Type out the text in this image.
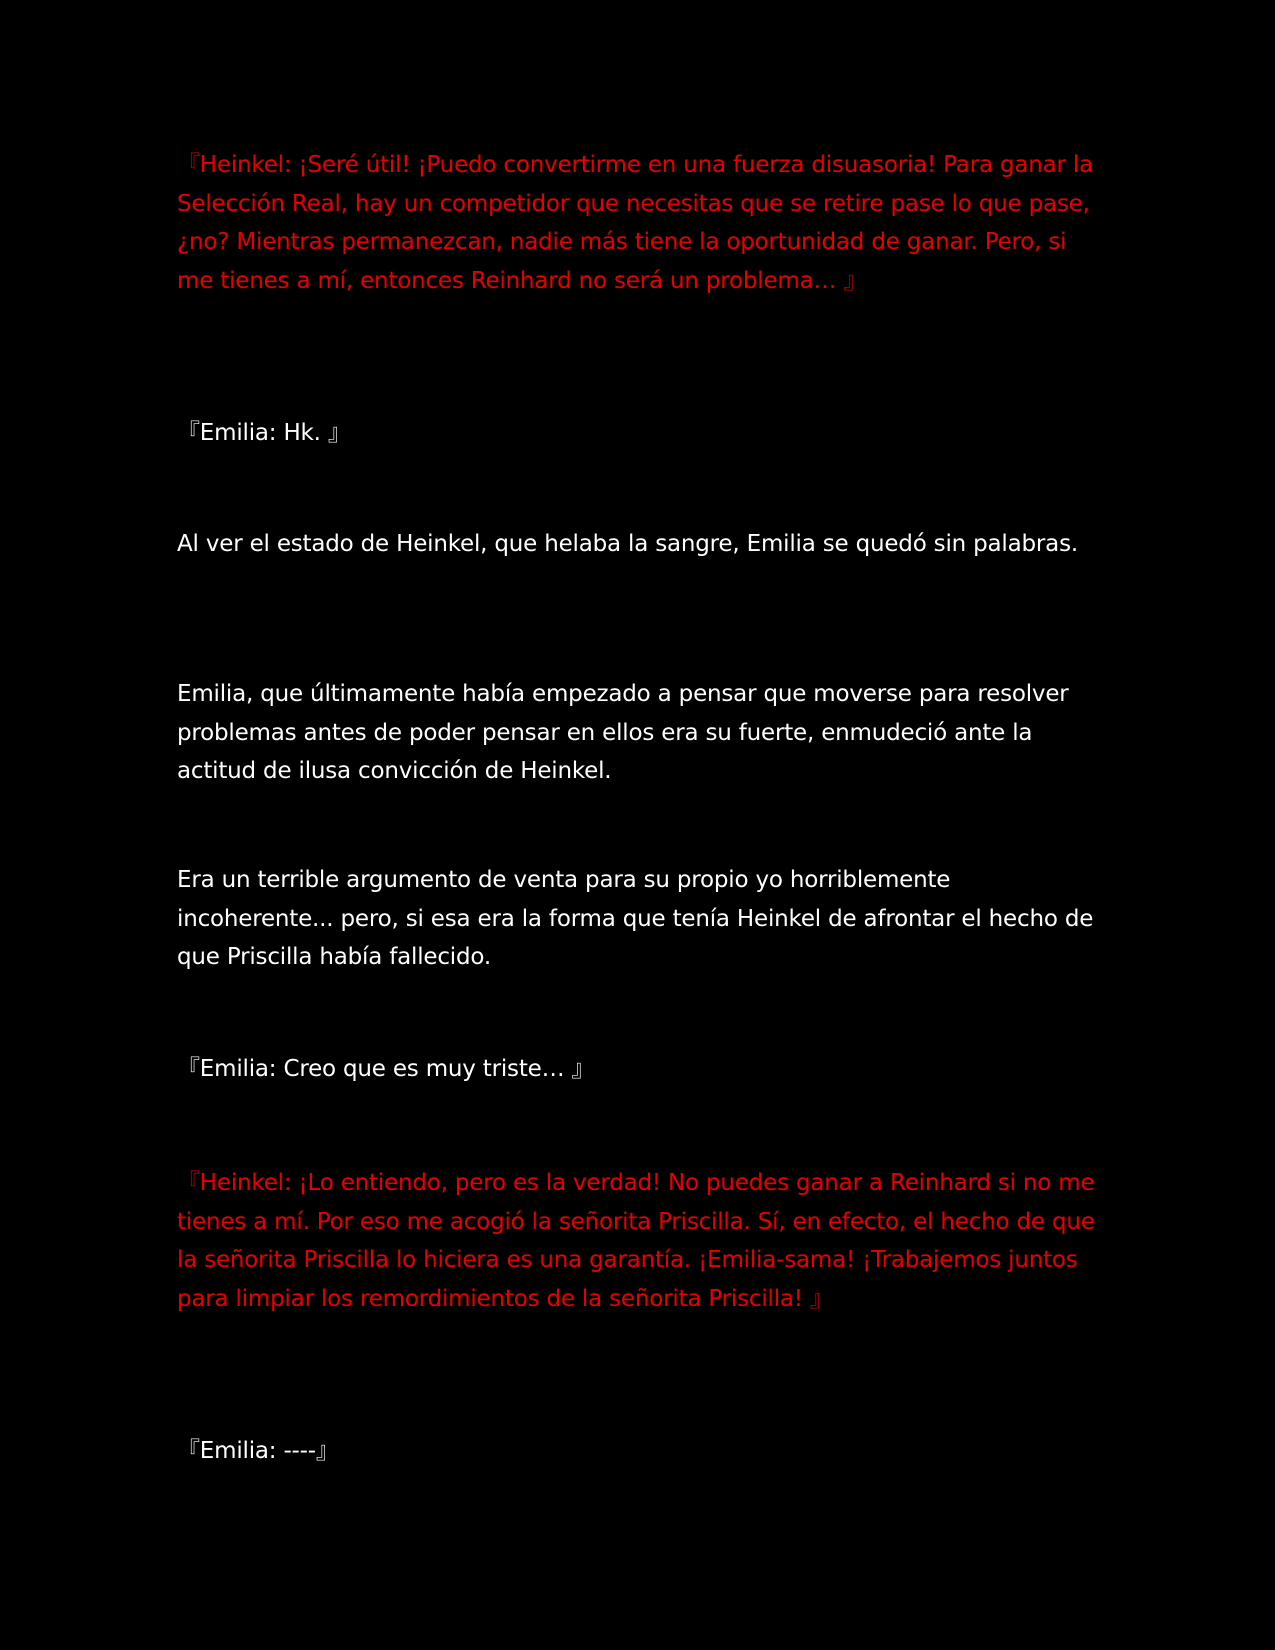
『Heinkel: ¡Seré útil! ¡Puedo convertirme en una fuerza disuasoria! Para ganar la Selección Real, hay un competidor que necesitas que se retire pase lo que pase, ¿no? Mientras permanezcan, nadie más tiene la oportunidad de ganar. Pero, si me tienes a mí, entonces Reinhard no será un problema… 』

『Emilia: Hk. 』

Al ver el estado de Heinkel, que helaba la sangre, Emilia se quedó sin palabras.

Emilia, que últimamente había empezado a pensar que moverse para resolver problemas antes de poder pensar en ellos era su fuerte, enmudeció ante la actitud de ilusa convicción de Heinkel.

Era un terrible argumento de venta para su propio yo horriblemente incoherente... pero, si esa era la forma que tenía Heinkel de afrontar el hecho de que Priscilla había fallecido.

『Emilia: Creo que es muy triste… 』

『Heinkel: ¡Lo entiendo, pero es la verdad! No puedes ganar a Reinhard si no me tienes a mí. Por eso me acogió la señorita Priscilla. Sí, en efecto, el hecho de que la señorita Priscilla lo hiciera es una garantía. ¡Emilia-sama! ¡Trabajemos juntos para limpiar los remordimientos de la señorita Priscilla! 』

『Emilia: ----』
